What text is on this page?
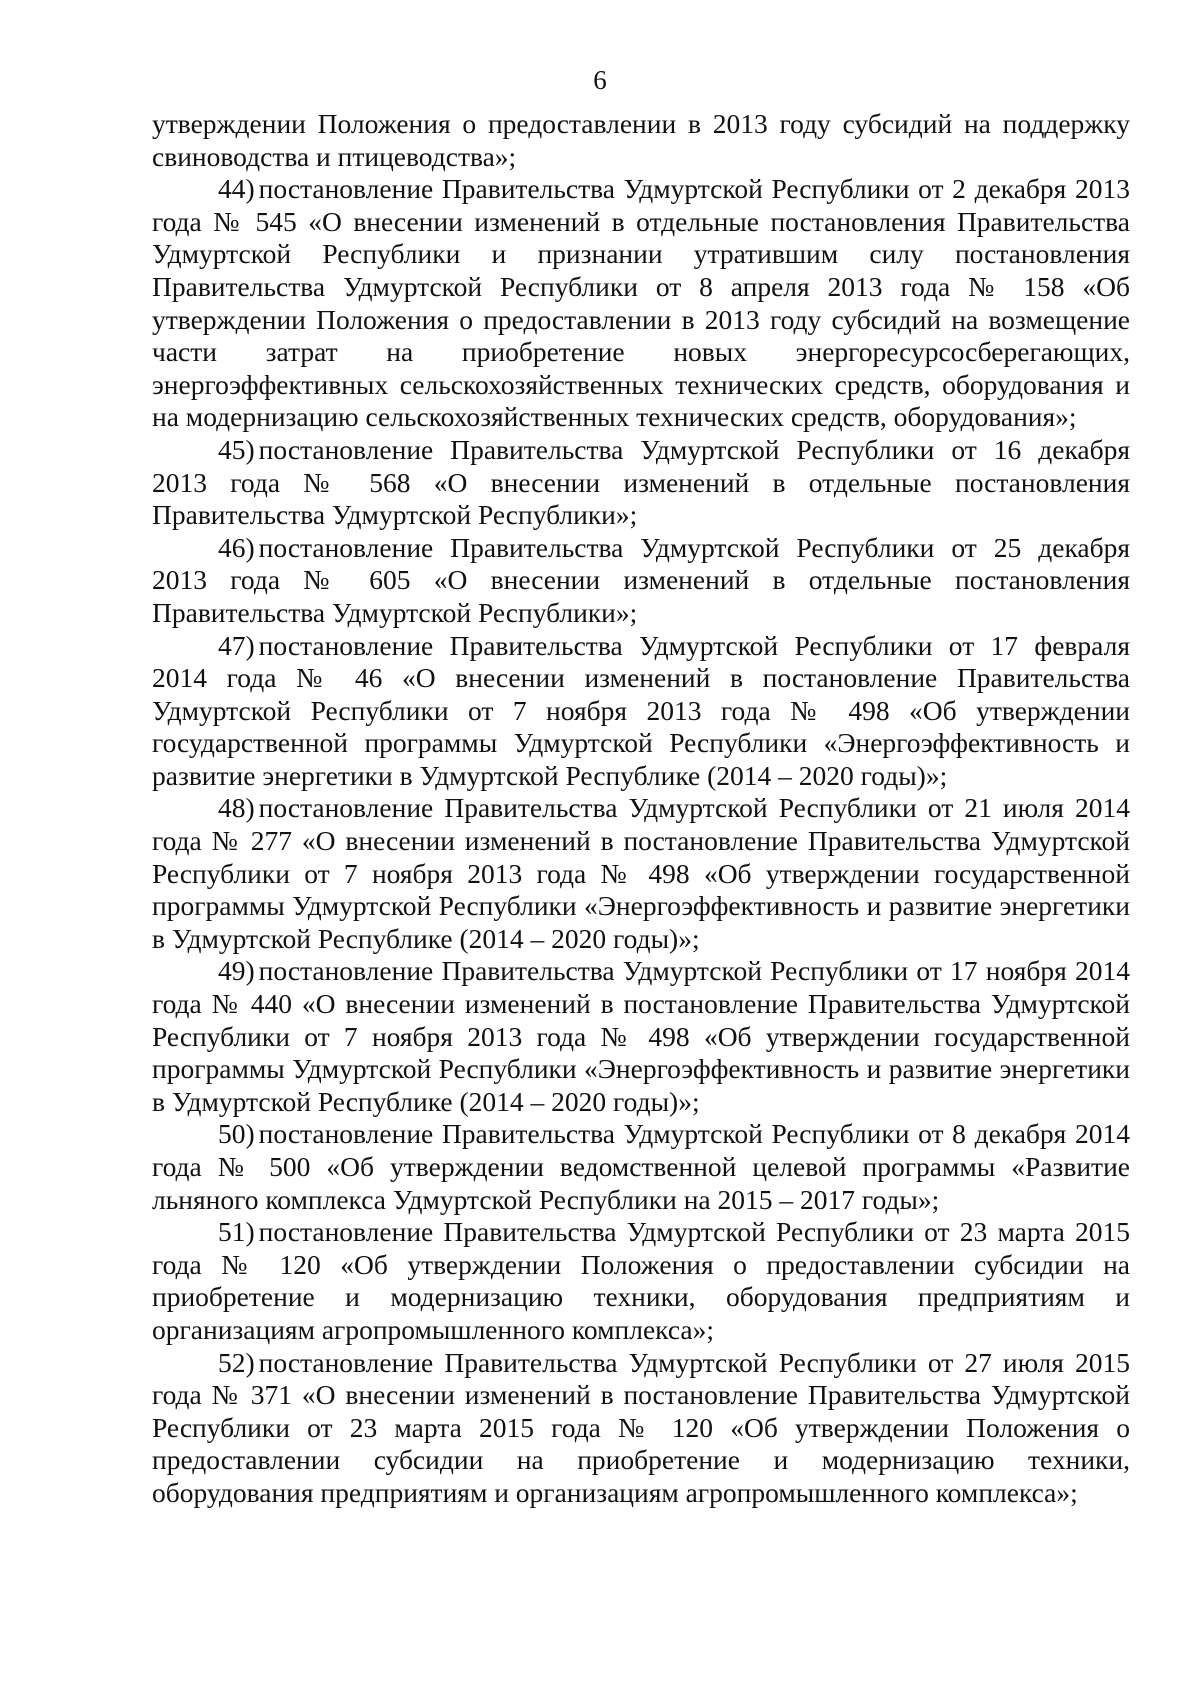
6

утверждении Положения о предоставлении в 2013 году субсидий на поддержку свиноводства и птицеводства»;

44) постановление Правительства Удмуртской Республики от 2 декабря 2013 года № 545 «О внесении изменений в отдельные постановления Правительства Удмуртской Республики и признании утратившим силу постановления Правительства Удмуртской Республики от 8 апреля 2013 года № 158 «Об утверждении Положения о предоставлении в 2013 году субсидий на возмещение части затрат на приобретение новых энергоресурсосберегающих, энергоэффективных сельскохозяйственных технических средств, оборудования и на модернизацию сельскохозяйственных технических средств, оборудования»;

45) постановление Правительства Удмуртской Республики от 16 декабря 2013 года № 568 «О внесении изменений в отдельные постановления Правительства Удмуртской Республики»;

46) постановление Правительства Удмуртской Республики от 25 декабря 2013 года № 605 «О внесении изменений в отдельные постановления Правительства Удмуртской Республики»;

47) постановление Правительства Удмуртской Республики от 17 февраля 2014 года № 46 «О внесении изменений в постановление Правительства Удмуртской Республики от 7 ноября 2013 года № 498 «Об утверждении государственной программы Удмуртской Республики «Энергоэффективность и развитие энергетики в Удмуртской Республике (2014 – 2020 годы)»;

48) постановление Правительства Удмуртской Республики от 21 июля 2014 года № 277 «О внесении изменений в постановление Правительства Удмуртской Республики от 7 ноября 2013 года № 498 «Об утверждении государственной программы Удмуртской Республики «Энергоэффективность и развитие энергетики в Удмуртской Республике (2014 – 2020 годы)»;

49) постановление Правительства Удмуртской Республики от 17 ноября 2014 года № 440 «О внесении изменений в постановление Правительства Удмуртской Республики от 7 ноября 2013 года № 498 «Об утверждении государственной программы Удмуртской Республики «Энергоэффективность и развитие энергетики в Удмуртской Республике (2014 – 2020 годы)»;

50) постановление Правительства Удмуртской Республики от 8 декабря 2014 года № 500 «Об утверждении ведомственной целевой программы «Развитие льняного комплекса Удмуртской Республики на 2015 – 2017 годы»;

51) постановление Правительства Удмуртской Республики от 23 марта 2015 года № 120 «Об утверждении Положения о предоставлении субсидии на приобретение и модернизацию техники, оборудования предприятиям и организациям агропромышленного комплекса»;

52) постановление Правительства Удмуртской Республики от 27 июля 2015 года № 371 «О внесении изменений в постановление Правительства Удмуртской Республики от 23 марта 2015 года № 120 «Об утверждении Положения о предоставлении субсидии на приобретение и модернизацию техники, оборудования предприятиям и организациям агропромышленного комплекса»;
